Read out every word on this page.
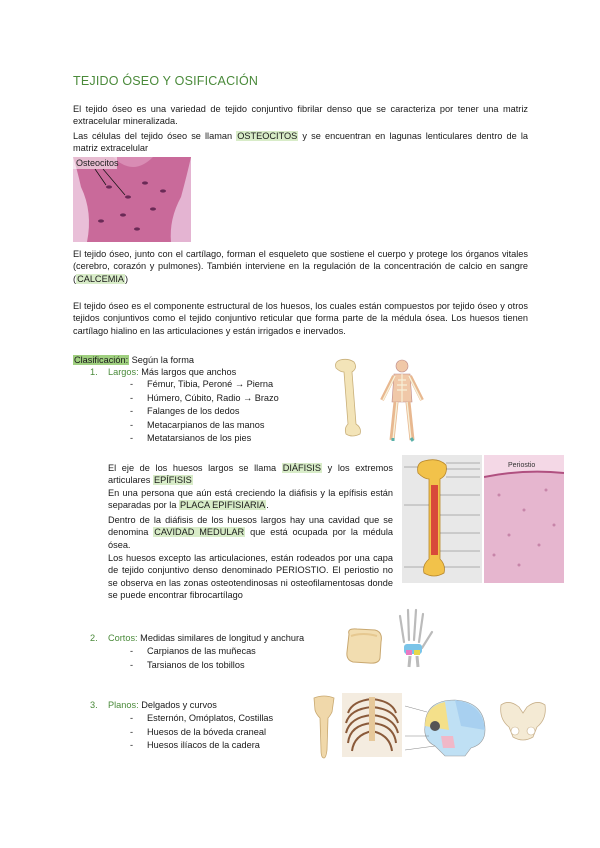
TEJIDO ÓSEO Y OSIFICACIÓN
El tejido óseo es una variedad de tejido conjuntivo fibrilar denso que se caracteriza por tener una matriz extracelular mineralizada.
Las células del tejido óseo se llaman OSTEOCITOS y se encuentran en lagunas lenticulares dentro de la matriz extracelular
Osteocitos
El tejido óseo, junto con el cartílago, forman el esqueleto que sostiene el cuerpo y protege los órganos vitales (cerebro, corazón y pulmones). También interviene en la regulación de la concentración de calcio en sangre (CALCEMIA)
El tejido óseo es el componente estructural de los huesos, los cuales están compuestos por tejido óseo y otros tejidos conjuntivos como el tejido conjuntivo reticular que forma parte de la médula ósea. Los huesos tienen cartílago hialino en las articulaciones y están irrigados e inervados.
Clasificación: Según la forma
1. Largos: Más largos que anchos
- Fémur, Tibia, Peroné → Pierna
- Húmero, Cúbito, Radio → Brazo
- Falanges de los dedos
- Metacarpianos de las manos
- Metatarsianos de los pies
El eje de los huesos largos se llama DIÁFISIS y los extremos articulares EPÍFISIS
En una persona que aún está creciendo la diáfisis y la epífisis están separadas por la PLACA EPIFISIARIA.
Dentro de la diáfisis de los huesos largos hay una cavidad que se denomina CAVIDAD MEDULAR que está ocupada por la médula ósea.
Los huesos excepto las articulaciones, están rodeados por una capa de tejido conjuntivo denso denominado PERIOSTIO. El periostio no se observa en las zonas osteotendinosas ni osteofilamentosas donde se puede encontrar fibrocartílago
Periostio
2. Cortos: Medidas similares de longitud y anchura
- Carpianos de las muñecas
- Tarsianos de los tobillos
3. Planos: Delgados y curvos
- Esternón, Omóplatos, Costillas
- Huesos de la bóveda craneal
- Huesos ilíacos de la cadera
